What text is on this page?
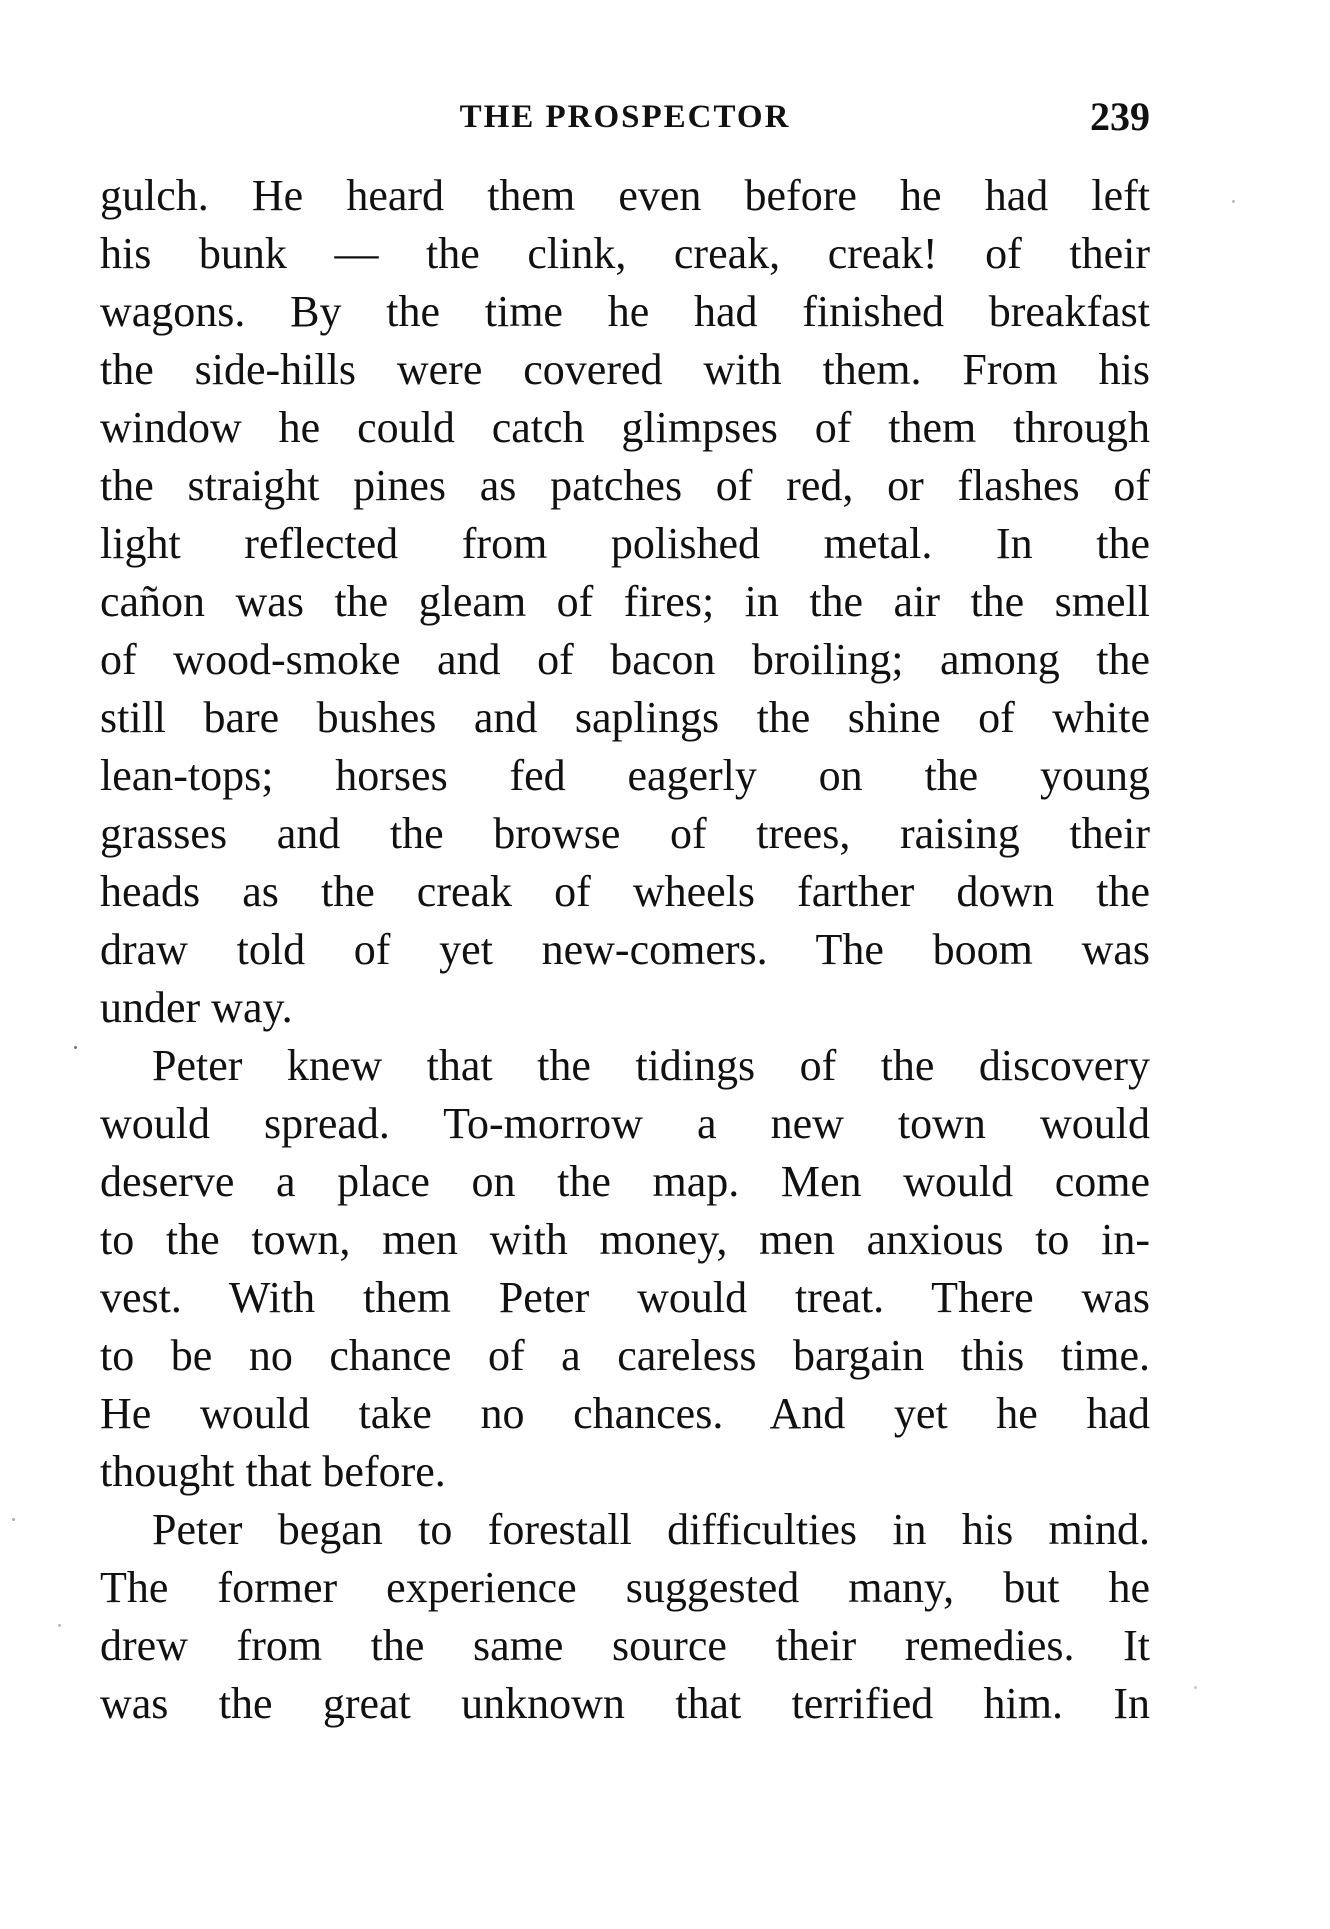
THE PROSPECTOR	239
gulch. He heard them even before he had left
his bunk — the clink, creak, creak! of their
wagons. By the time he had finished breakfast
the side-hills were covered with them. From his
window he could catch glimpses of them through
the straight pines as patches of red, or flashes of
light reflected from polished metal. In the
cañon was the gleam of fires; in the air the smell
of wood-smoke and of bacon broiling; among the
still bare bushes and saplings the shine of white
lean-tops; horses fed eagerly on the young
grasses and the browse of trees, raising their
heads as the creak of wheels farther down the
draw told of yet new-comers. The boom was
under way.
Peter knew that the tidings of the discovery
would spread. To-morrow a new town would
deserve a place on the map. Men would come
to the town, men with money, men anxious to in-
vest. With them Peter would treat. There was
to be no chance of a careless bargain this time.
He would take no chances. And yet he had
thought that before.
Peter began to forestall difficulties in his mind.
The former experience suggested many, but he
drew from the same source their remedies. It
was the great unknown that terrified him. In
